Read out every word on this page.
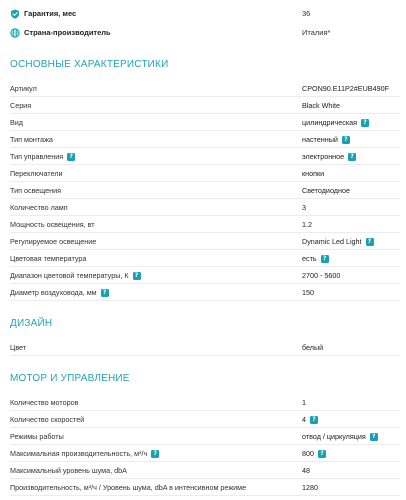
Гарантия, мес	36
Страна-производитель	Италия*
ОСНОВНЫЕ ХАРАКТЕРИСТИКИ
Артикул	CPON90.E11P2#EUB490F
Серия	Black White
Вид	цилиндрическая	?
Тип монтажа	настенный	?
Тип управления	?	электронное	?
Переключатели	кнопки
Тип освещения	Светодиодное
Количество ламп	3
Мощность освещения, вт	1.2
Регулируемое освещение	Dynamic Led Light	?
Цветовая температура	есть	?
Диапазон цветовой температуры, К	?	2700 - 5600
Диаметр воздуховода, мм	?	150
ДИЗАЙН
Цвет	белый
МОТОР И УПРАВЛЕНИЕ
Количество моторов	1
Количество скоростей	4	?
Режимы работы	отвод / циркуляция	?
Максимальная производительность, м³/ч	?	800	?
Максимальный уровень шума, dbA	48
Производительность, м³/ч / Уровень шума, dbA в интенсивном режиме	1280
